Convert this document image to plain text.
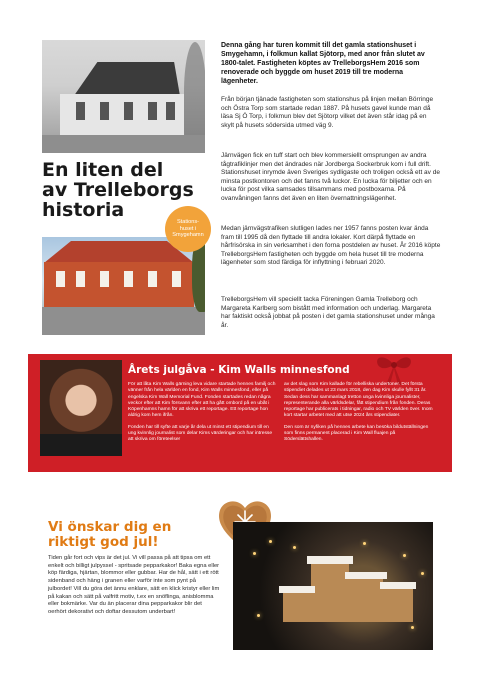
En liten del
av Trelleborgs
historia
Stations-
huset i
Smygehamn

Denna gång har turen kommit till det gamla stationshuset i Smygehamn, i folkmun kallat Sjötorp, med anor från slutet av 1800-talet. Fastigheten köptes av TrelleborgsHem 2016 som renoverade och byggde om huset 2019 till tre moderna lägenheter.

Från början tjänade fastigheten som stationshus på linjen mellan Börringe och Östra Torp som startade redan 1887. På husets gavel kunde man då läsa Sj Ö Torp, i folkmun blev det Sjötorp vilket det även står idag på en skylt på husets södersida utmed väg 9.

Järnvägen fick en tuff start och blev kommersiellt omsprungen av andra tågtrafiklinjer men det ändrades när Jordberga Sockerbruk kom i full drift. Stationshuset inrymde även Sveriges sydligaste och troligen också ett av de minsta postkontoren och det fanns två luckor. En lucka för biljetter och en lucka för post vilka samsades tillsammans med postboxarna. På ovanvåningen fanns det även en liten övernattningslägenhet.

Medan järnvägstrafiken slutligen lades ner 1957 fanns posten kvar ända fram till 1995 då den flyttade till andra lokaler. Kort därpå flyttade en hårfrisörska in sin verksamhet i den forna postdelen av huset. År 2016 köpte TrelleborgsHem fastigheten och byggde om hela huset till tre moderna lägenheter som stod färdiga för inflyttning i februari 2020.

TrelleborgsHem vill speciellt tacka Föreningen Gamla Trelleborg och Margareta Karlberg som bistått med information och underlag. Margareta har faktiskt också jobbat på posten i det gamla stationshuset under många år.

Årets julgåva - Kim Walls minnesfond

För att låta Kim Walls gärning leva vidare startade hennes familj och vänner från hela världen en fond, Kim Walls minnesfond, eller på engelska Kim Wall Memorial Fund. Fonden startades redan några veckor efter att Kim försvann efter att ha gått ombord på en ubåt i Köpenhamns hamn för att skriva ett reportage. Ett reportage hon aldrig kom hem ifrån.

Fonden har till syfte att varje år dela ut minst ett stipendium till en ung kvinnlig journalist som delar Kims värderingar och har intresse att skriva om företeelser

av det slag som Kim kallade för rebelliska undertoner. Det första stipendiet delades ut 23 mars 2018, den dag Kim skulle fyllt 31 år. Sedan dess har sammanlagt tretton unga kvinnliga journalister, representerande alla världsdelar, fått stipendium från fonden. Deras reportage har publicerats i tidningar, radio och TV världen över. Inom kort startar arbetet med att utse 2024 års stipendiater.

Den som är nyfiken på hennes arbete kan besöka bildutställningen som finns permanent placerad i Kim Wall fluajen på Söderslättshallen.

Vi önskar dig en
riktigt god jul!

Tiden går fort och vips är det jul. Vi vill passa på att tipsa om ett enkelt och billigt julpyssel - spritsade pepparkakor! Baka egna eller köp färdiga, hjärtan, blommor eller gubbar. Har de hål, sätt i ett rött sidenband och häng i granen eller varför inte som pynt på julbordet! Vill du göra det ännu enklare, sätt en klick kristyr eller lim på kakan och sätt på valfritt motiv, t.ex en snöflinga, anisblomma eller bokmärke. Var du än placerar dina pepparkakor blir det oerhört dekorativt och doftar dessutom underbart!
